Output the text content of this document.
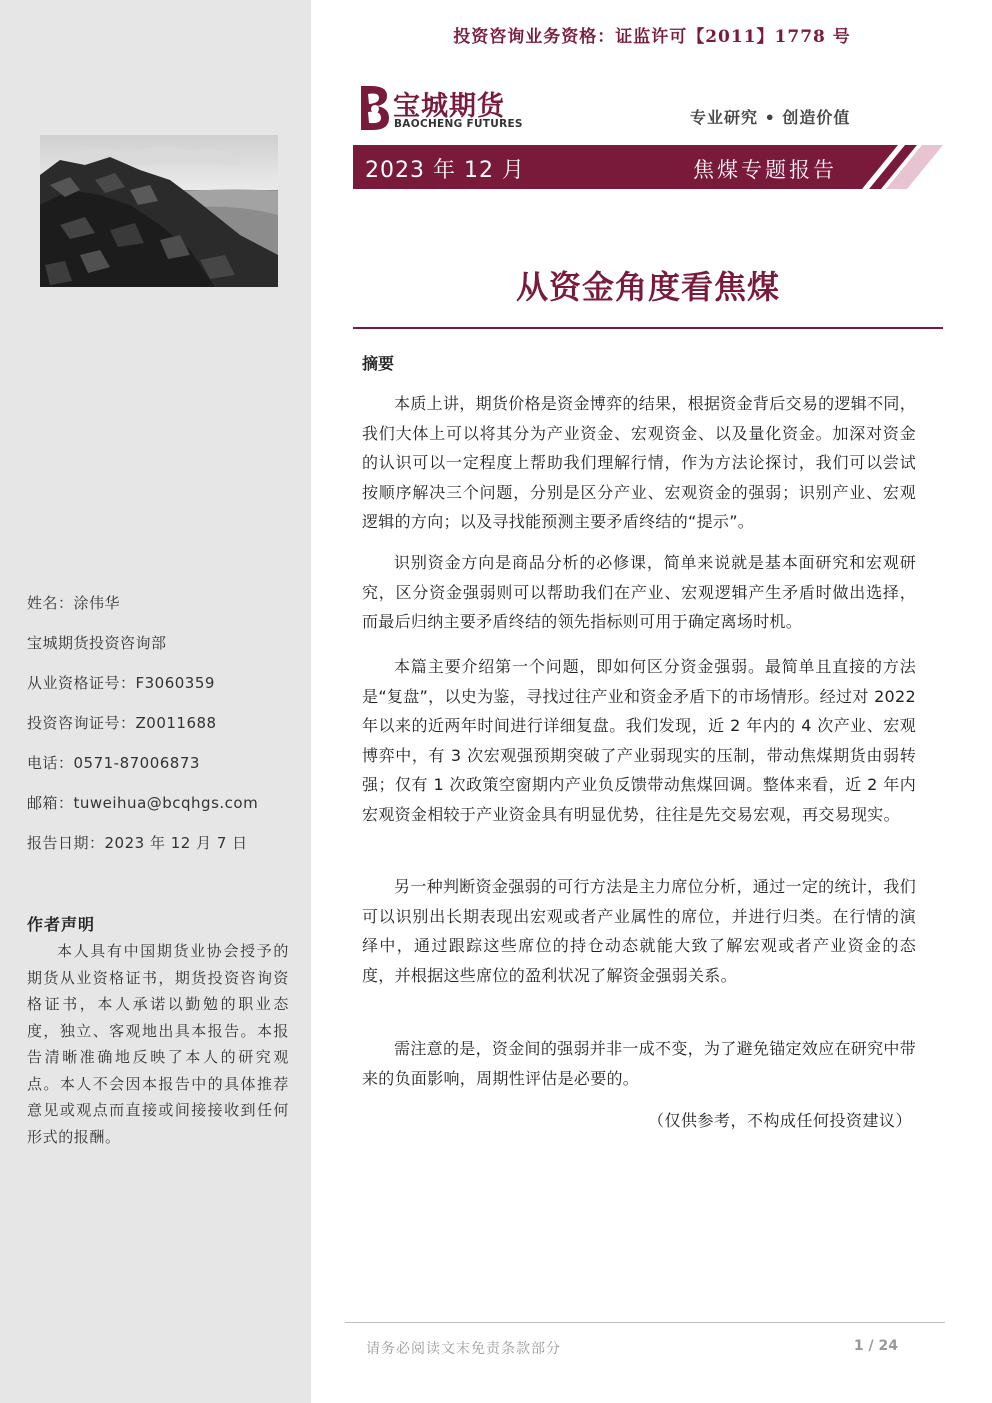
姓名：涂伟华
宝城期货投资咨询部
从业资格证号：F3060359
投资咨询证号：Z0011688
电话：0571-87006873
邮箱：tuweihua@bcqhgs.com
报告日期：2023 年 12 月 7 日
作者声明
本人具有中国期货业协会授予的期货从业资格证书，期货投资咨询资格证书，本人承诺以勤勉的职业态度，独立、客观地出具本报告。本报告清晰准确地反映了本人的研究观点。本人不会因本报告中的具体推荐意见或观点而直接或间接接收到任何形式的报酬。
投资咨询业务资格：证监许可【2011】1778 号
宝城期货
BAOCHENG FUTURES	专业研究 • 创造价值
2023 年 12 月	焦煤专题报告
从资金角度看焦煤
摘要

本质上讲，期货价格是资金博弈的结果，根据资金背后交易的逻辑不同，我们大体上可以将其分为产业资金、宏观资金、以及量化资金。加深对资金的认识可以一定程度上帮助我们理解行情，作为方法论探讨，我们可以尝试按顺序解决三个问题，分别是区分产业、宏观资金的强弱；识别产业、宏观逻辑的方向；以及寻找能预测主要矛盾终结的“提示”。

识别资金方向是商品分析的必修课，简单来说就是基本面研究和宏观研究，区分资金强弱则可以帮助我们在产业、宏观逻辑产生矛盾时做出选择，而最后归纳主要矛盾终结的领先指标则可用于确定离场时机。

本篇主要介绍第一个问题，即如何区分资金强弱。最简单且直接的方法是“复盘”，以史为鉴，寻找过往产业和资金矛盾下的市场情形。经过对 2022 年以来的近两年时间进行详细复盘。我们发现，近 2 年内的 4 次产业、宏观博弈中，有 3 次宏观强预期突破了产业弱现实的压制，带动焦煤期货由弱转强；仅有 1 次政策空窗期内产业负反馈带动焦煤回调。整体来看，近 2 年内宏观资金相较于产业资金具有明显优势，往往是先交易宏观，再交易现实。

另一种判断资金强弱的可行方法是主力席位分析，通过一定的统计，我们可以识别出长期表现出宏观或者产业属性的席位，并进行归类。在行情的演绎中，通过跟踪这些席位的持仓动态就能大致了解宏观或者产业资金的态度，并根据这些席位的盈利状况了解资金强弱关系。

需注意的是，资金间的强弱并非一成不变，为了避免锚定效应在研究中带来的负面影响，周期性评估是必要的。

（仅供参考，不构成任何投资建议）
请务必阅读文末免责条款部分	1 / 24
